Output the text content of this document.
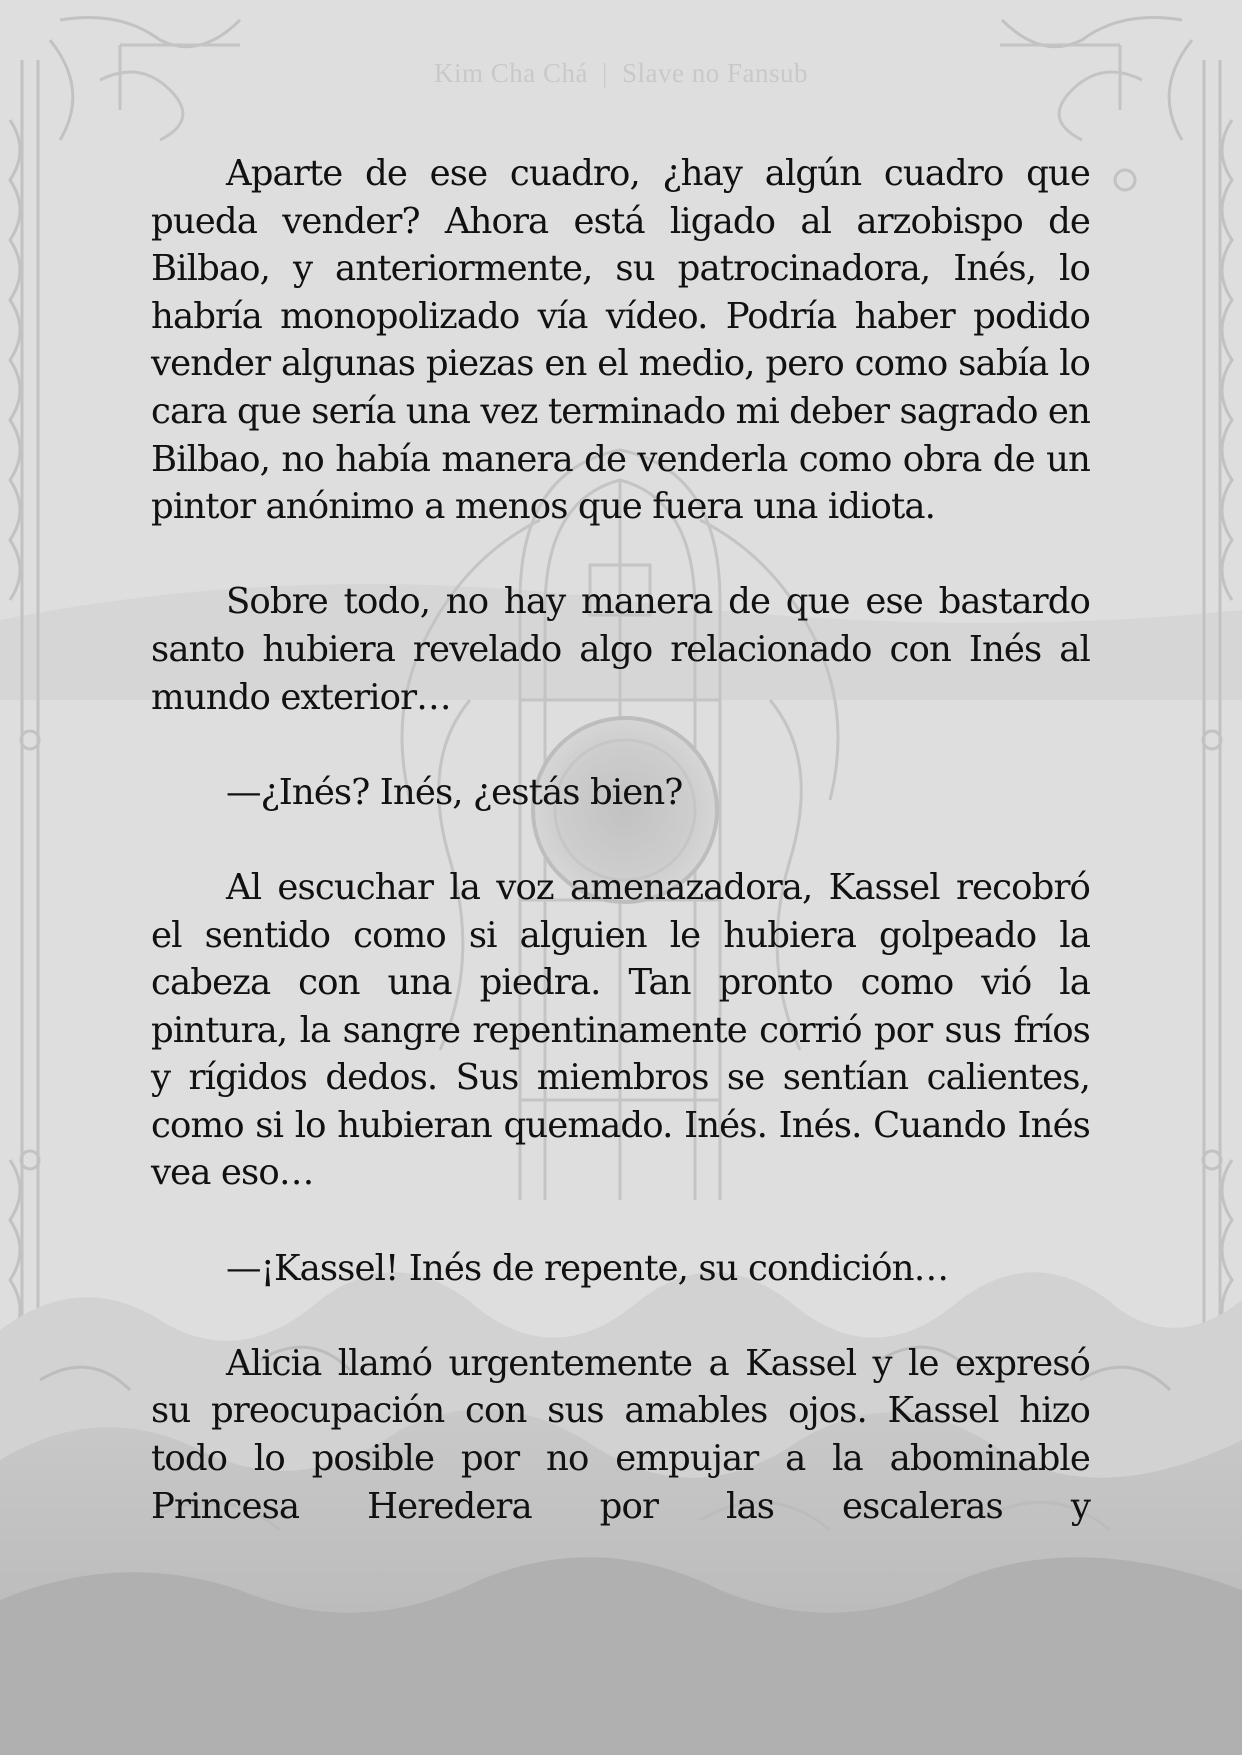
Kim Cha Chá | Slave no Fansub

Aparte de ese cuadro, ¿hay algún cuadro que pueda vender? Ahora está ligado al arzobispo de Bilbao, y anteriormente, su patrocinadora, Inés, lo habría monopolizado vía vídeo. Podría haber podido vender algunas piezas en el medio, pero como sabía lo cara que sería una vez terminado mi deber sagrado en Bilbao, no había manera de venderla como obra de un pintor anónimo a menos que fuera una idiota.

Sobre todo, no hay manera de que ese bastardo santo hubiera revelado algo relacionado con Inés al mundo exterior…

—¿Inés? Inés, ¿estás bien?

Al escuchar la voz amenazadora, Kassel recobró el sentido como si alguien le hubiera golpeado la cabeza con una piedra. Tan pronto como vió la pintura, la sangre repentinamente corrió por sus fríos y rígidos dedos. Sus miembros se sentían calientes, como si lo hubieran quemado. Inés. Inés. Cuando Inés vea eso…

—¡Kassel! Inés de repente, su condición…

Alicia llamó urgentemente a Kassel y le expresó su preocupación con sus amables ojos. Kassel hizo todo lo posible por no empujar a la abominable Princesa Heredera por las escaleras y
